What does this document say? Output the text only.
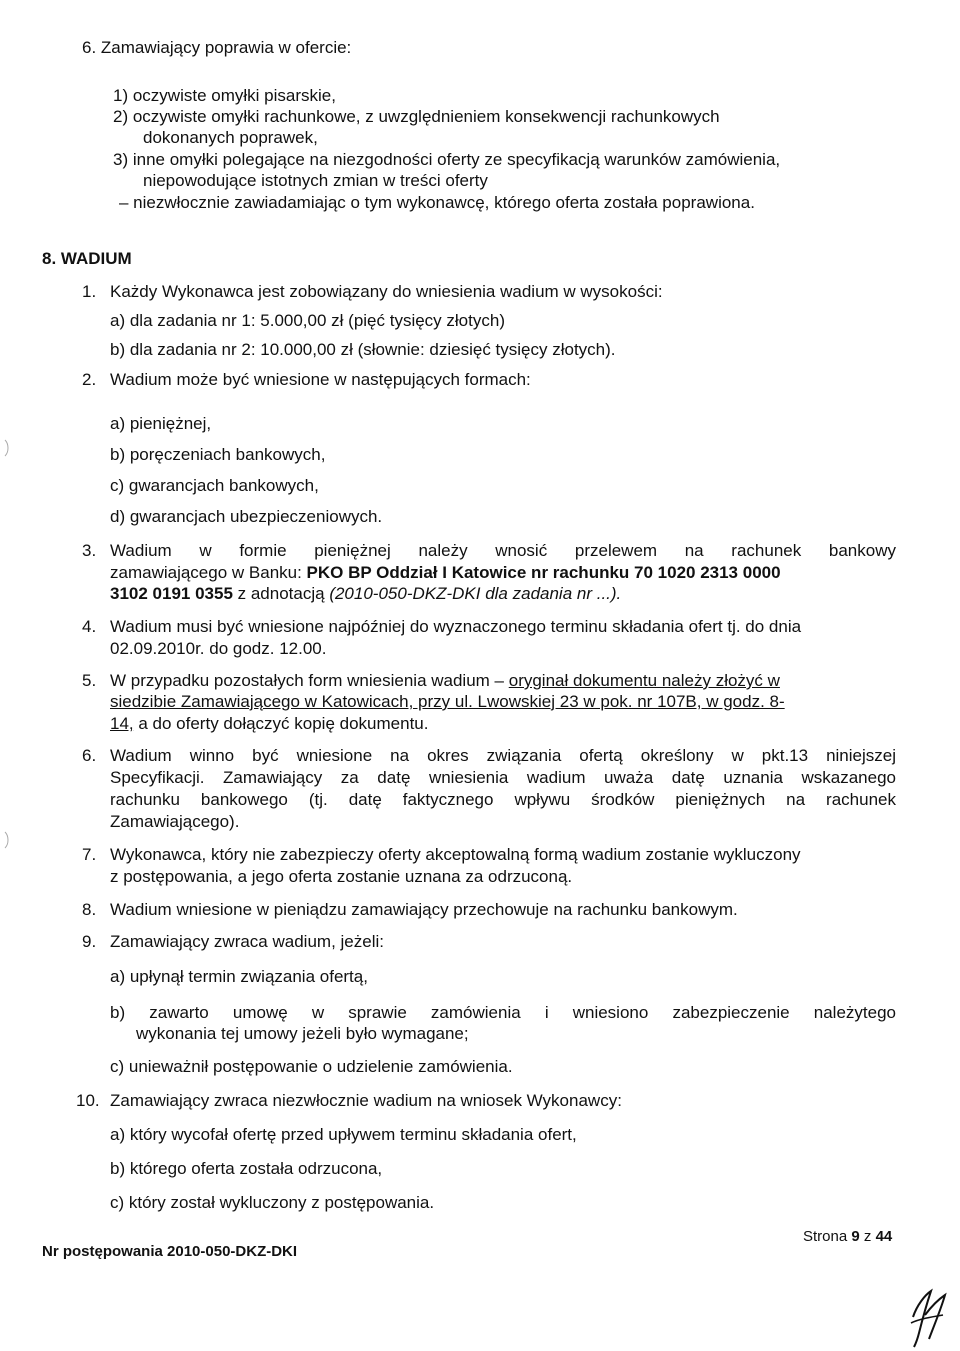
6. Zamawiający poprawia w ofercie:
1) oczywiste omyłki pisarskie,
2) oczywiste omyłki rachunkowe, z uwzględnieniem konsekwencji rachunkowych
dokonanych poprawek,
3) inne omyłki polegające na niezgodności oferty ze specyfikacją warunków zamówienia,
niepowodujące istotnych zmian w treści oferty
– niezwłocznie zawiadamiając o tym wykonawcę, którego oferta została poprawiona.
8. WADIUM
1. Każdy Wykonawca jest zobowiązany do wniesienia wadium w wysokości:
a) dla zadania nr 1: 5.000,00 zł (pięć tysięcy złotych)
b) dla zadania nr 2: 10.000,00 zł (słownie: dziesięć tysięcy złotych).
2. Wadium może być wniesione w następujących formach:
a) pieniężnej,
b) poręczeniach bankowych,
c) gwarancjach bankowych,
d) gwarancjach ubezpieczeniowych.
3. Wadium w formie pieniężnej należy wnosić przelewem na rachunek bankowy
zamawiającego w Banku: PKO BP Oddział I Katowice nr rachunku 70 1020 2313 0000
3102 0191 0355 z adnotacją (2010-050-DKZ-DKI dla zadania nr ...).
4. Wadium musi być wniesione najpóźniej do wyznaczonego terminu składania ofert tj. do dnia
02.09.2010r. do godz. 12.00.
5. W przypadku pozostałych form wniesienia wadium – oryginał dokumentu należy złożyć w
siedzibie Zamawiającego w Katowicach, przy ul. Lwowskiej 23 w pok. nr 107B, w godz. 8-
14, a do oferty dołączyć kopię dokumentu.
6. Wadium winno być wniesione na okres związania ofertą określony w pkt.13 niniejszej
Specyfikacji. Zamawiający za datę wniesienia wadium uważa datę uznania wskazanego
rachunku bankowego (tj. datę faktycznego wpływu środków pieniężnych na rachunek
Zamawiającego).
7. Wykonawca, który nie zabezpieczy oferty akceptowalną formą wadium zostanie wykluczony
z postępowania, a jego oferta zostanie uznana za odrzuconą.
8. Wadium wniesione w pieniądzu zamawiający przechowuje na rachunku bankowym.
9. Zamawiający zwraca wadium, jeżeli:
a) upłynął termin związania ofertą,
b) zawarto umowę w sprawie zamówienia i wniesiono zabezpieczenie należytego
wykonania tej umowy jeżeli było wymagane;
c) unieważnił postępowanie o udzielenie zamówienia.
10. Zamawiający zwraca niezwłocznie wadium na wniosek Wykonawcy:
a) który wycofał ofertę przed upływem terminu składania ofert,
b) którego oferta została odrzucona,
c) który został wykluczony z postępowania.
Nr postępowania 2010-050-DKZ-DKI
Strona 9 z 44
